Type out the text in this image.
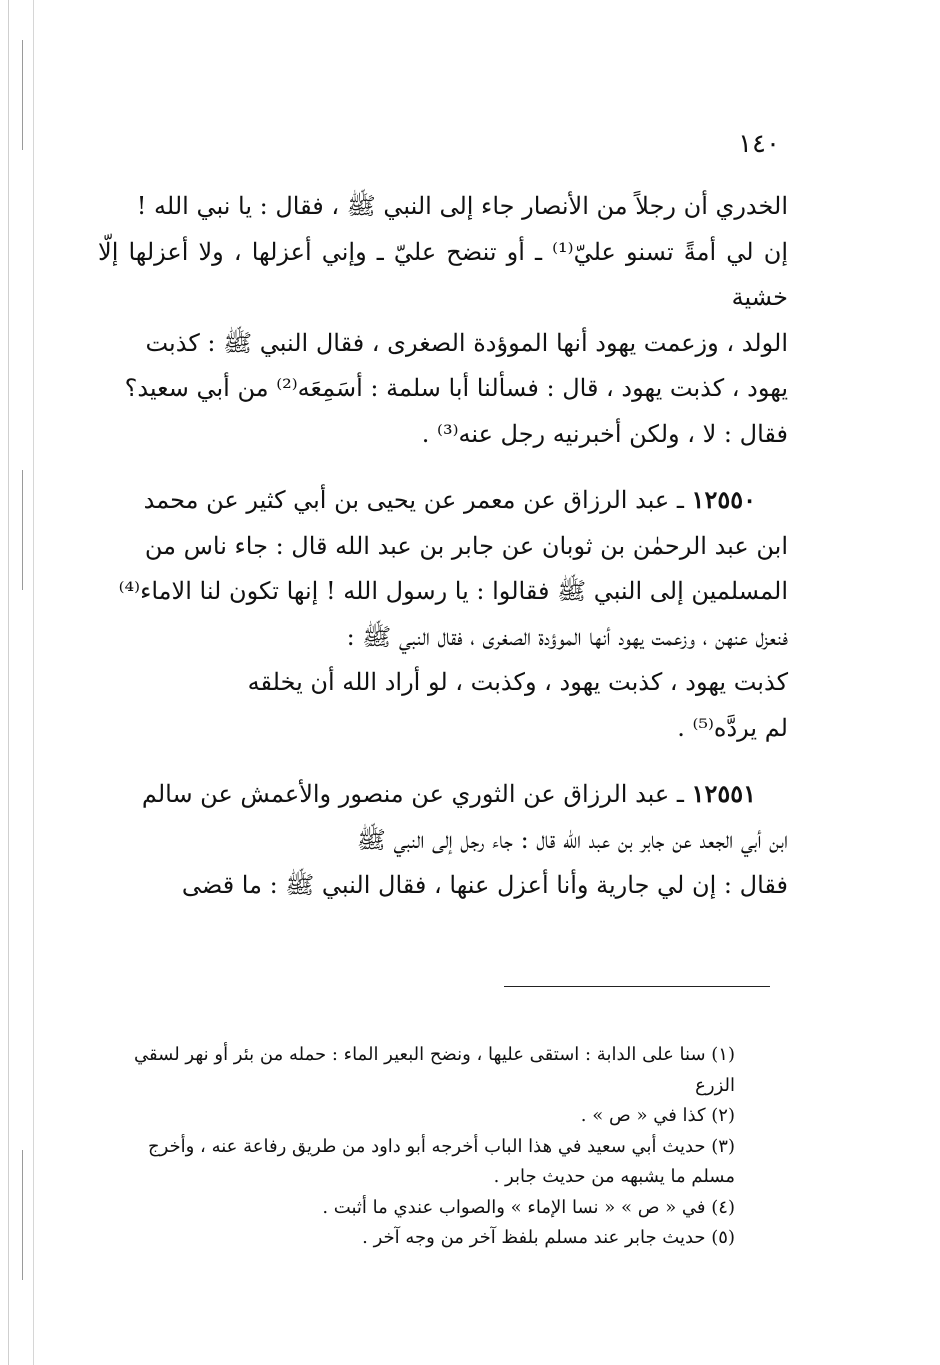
١٤٠

الخدري أن رجلاً من الأنصار جاء إلى النبي ﷺ ، فقال : يا نبي الله !
إن لي أمةً تسنو عليّ⁽¹⁾ ـ أو تنضح عليّ ـ وإني أعزلها ، ولا أعزلها إلّا خشية
الولد ، وزعمت يهود أنها الموؤدة الصغرى ، فقال النبي ﷺ : كذبت
يهود ، كذبت يهود ، قال : فسألنا أبا سلمة : أسَمِعَه⁽²⁾ من أبي سعيد؟
فقال : لا ، ولكن أخبرنيه رجل عنه⁽³⁾ .

١٢٥٥٠ ـ عبد الرزاق عن معمر عن يحيى بن أبي كثير عن محمد

ابن عبد الرحمٰن بن ثوبان عن جابر بن عبد الله قال : جاء ناس من
المسلمين إلى النبي ﷺ فقالوا : يا رسول الله ! إنها تكون لنا الاماء⁽⁴⁾
فنعزل عنهن ، وزعمت يهود أنها الموؤدة الصغرى ، فقال النبي ﷺ :
كذبت يهود ، كذبت يهود ، وكذبت ، لو أراد الله أن يخلقه
لم يردَّه⁽⁵⁾ .

١٢٥٥١ ـ عبد الرزاق عن الثوري عن منصور والأعمش عن سالم

ابن أبي الجعد عن جابر بن عبد الله قال : جاء رجل إلى النبي ﷺ
فقال : إن لي جارية وأنا أعزل عنها ، فقال النبي ﷺ : ما قضى

(١) سنا على الدابة : استقى عليها ، ونضح البعير الماء : حمله من بئر أو نهر لسقي الزرع

(٢) كذا في « ص » .

(٣) حديث أبي سعيد في هذا الباب أخرجه أبو داود من طريق رفاعة عنه ، وأخرج

مسلم ما يشبهه من حديث جابر .

(٤) في « ص » « نسا الإماء » والصواب عندي ما أثبت .

(٥) حديث جابر عند مسلم بلفظ آخر من وجه آخر .
